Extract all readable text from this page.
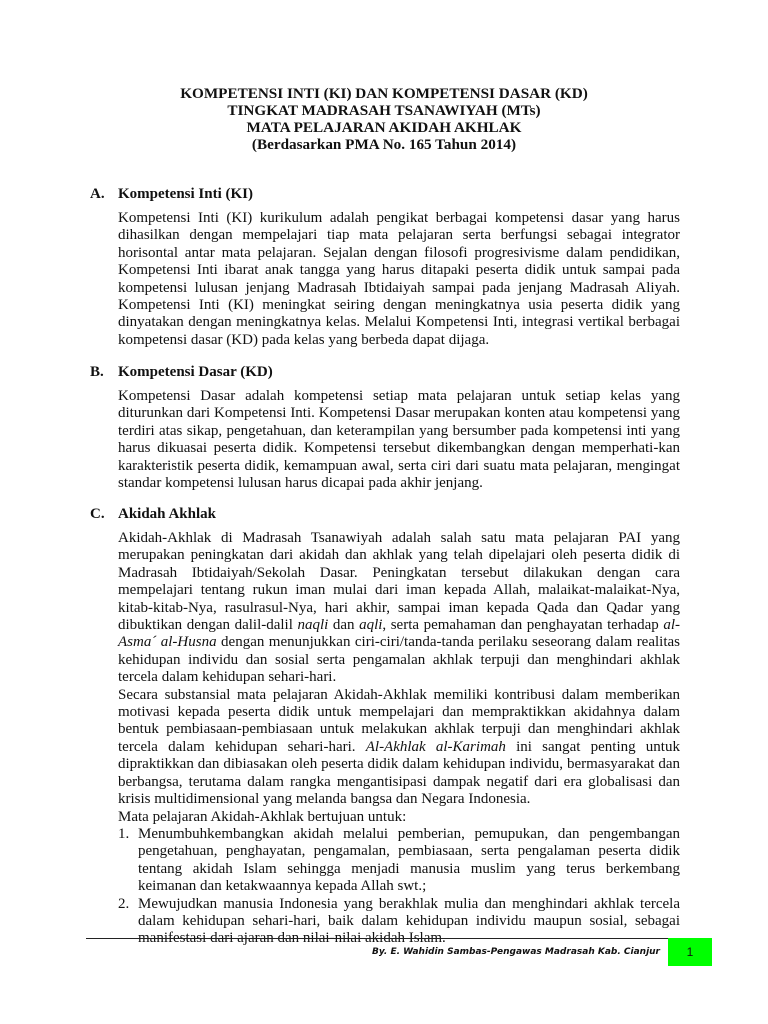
KOMPETENSI INTI (KI) DAN KOMPETENSI DASAR (KD)
TINGKAT MADRASAH TSANAWIYAH (MTs)
MATA PELAJARAN AKIDAH AKHLAK
(Berdasarkan PMA No. 165 Tahun 2014)
A. Kompetensi Inti (KI)

Kompetensi Inti (KI) kurikulum adalah pengikat berbagai kompetensi dasar yang harus dihasilkan dengan mempelajari tiap mata pelajaran serta berfungsi sebagai integrator horisontal antar mata pelajaran. Sejalan dengan filosofi progresivisme dalam pendidikan, Kompetensi Inti ibarat anak tangga yang harus ditapaki peserta didik untuk sampai pada kompetensi lulusan jenjang Madrasah Ibtidaiyah sampai pada jenjang Madrasah Aliyah. Kompetensi Inti (KI) meningkat seiring dengan meningkatnya usia peserta didik yang dinyatakan dengan meningkatnya kelas. Melalui Kompetensi Inti, integrasi vertikal berbagai kompetensi dasar (KD) pada kelas yang berbeda dapat dijaga.

B. Kompetensi Dasar (KD)

Kompetensi Dasar adalah kompetensi setiap mata pelajaran untuk setiap kelas yang diturunkan dari Kompetensi Inti. Kompetensi Dasar merupakan konten atau kompetensi yang terdiri atas sikap, pengetahuan, dan keterampilan yang bersumber pada kompetensi inti yang harus dikuasai peserta didik. Kompetensi tersebut dikembangkan dengan memperhati-kan karakteristik peserta didik, kemampuan awal, serta ciri dari suatu mata pelajaran, mengingat standar kompetensi lulusan harus dicapai pada akhir jenjang.

C. Akidah Akhlak

Akidah-Akhlak di Madrasah Tsanawiyah adalah salah satu mata pelajaran PAI yang merupakan peningkatan dari akidah dan akhlak yang telah dipelajari oleh peserta didik di Madrasah Ibtidaiyah/Sekolah Dasar. Peningkatan tersebut dilakukan dengan cara mempelajari tentang rukun iman mulai dari iman kepada Allah, malaikat-malaikat-Nya, kitab-kitab-Nya, rasulrasul-Nya, hari akhir, sampai iman kepada Qada dan Qadar yang dibuktikan dengan dalil-dalil naqli dan aqli, serta pemahaman dan penghayatan terhadap al-Asma´ al-Husna dengan menunjukkan ciri-ciri/tanda-tanda perilaku seseorang dalam realitas kehidupan individu dan sosial serta pengamalan akhlak terpuji dan menghindari akhlak tercela dalam kehidupan sehari-hari.

Secara substansial mata pelajaran Akidah-Akhlak memiliki kontribusi dalam memberikan motivasi kepada peserta didik untuk mempelajari dan mempraktikkan akidahnya dalam bentuk pembiasaan-pembiasaan untuk melakukan akhlak terpuji dan menghindari akhlak tercela dalam kehidupan sehari-hari. Al-Akhlak al-Karimah ini sangat penting untuk dipraktikkan dan dibiasakan oleh peserta didik dalam kehidupan individu, bermasyarakat dan berbangsa, terutama dalam rangka mengantisipasi dampak negatif dari era globalisasi dan krisis multidimensional yang melanda bangsa dan Negara Indonesia.

Mata pelajaran Akidah-Akhlak bertujuan untuk:

1. Menumbuhkembangkan akidah melalui pemberian, pemupukan, dan pengembangan pengetahuan, penghayatan, pengamalan, pembiasaan, serta pengalaman peserta didik tentang akidah Islam sehingga menjadi manusia muslim yang terus berkembang keimanan dan ketakwaannya kepada Allah swt.;
2. Mewujudkan manusia Indonesia yang berakhlak mulia dan menghindari akhlak tercela dalam kehidupan sehari-hari, baik dalam kehidupan individu maupun sosial, sebagai manifestasi dari ajaran dan nilai-nilai akidah Islam.
By. E. Wahidin Sambas-Pengawas Madrasah Kab. Cianjur	1
